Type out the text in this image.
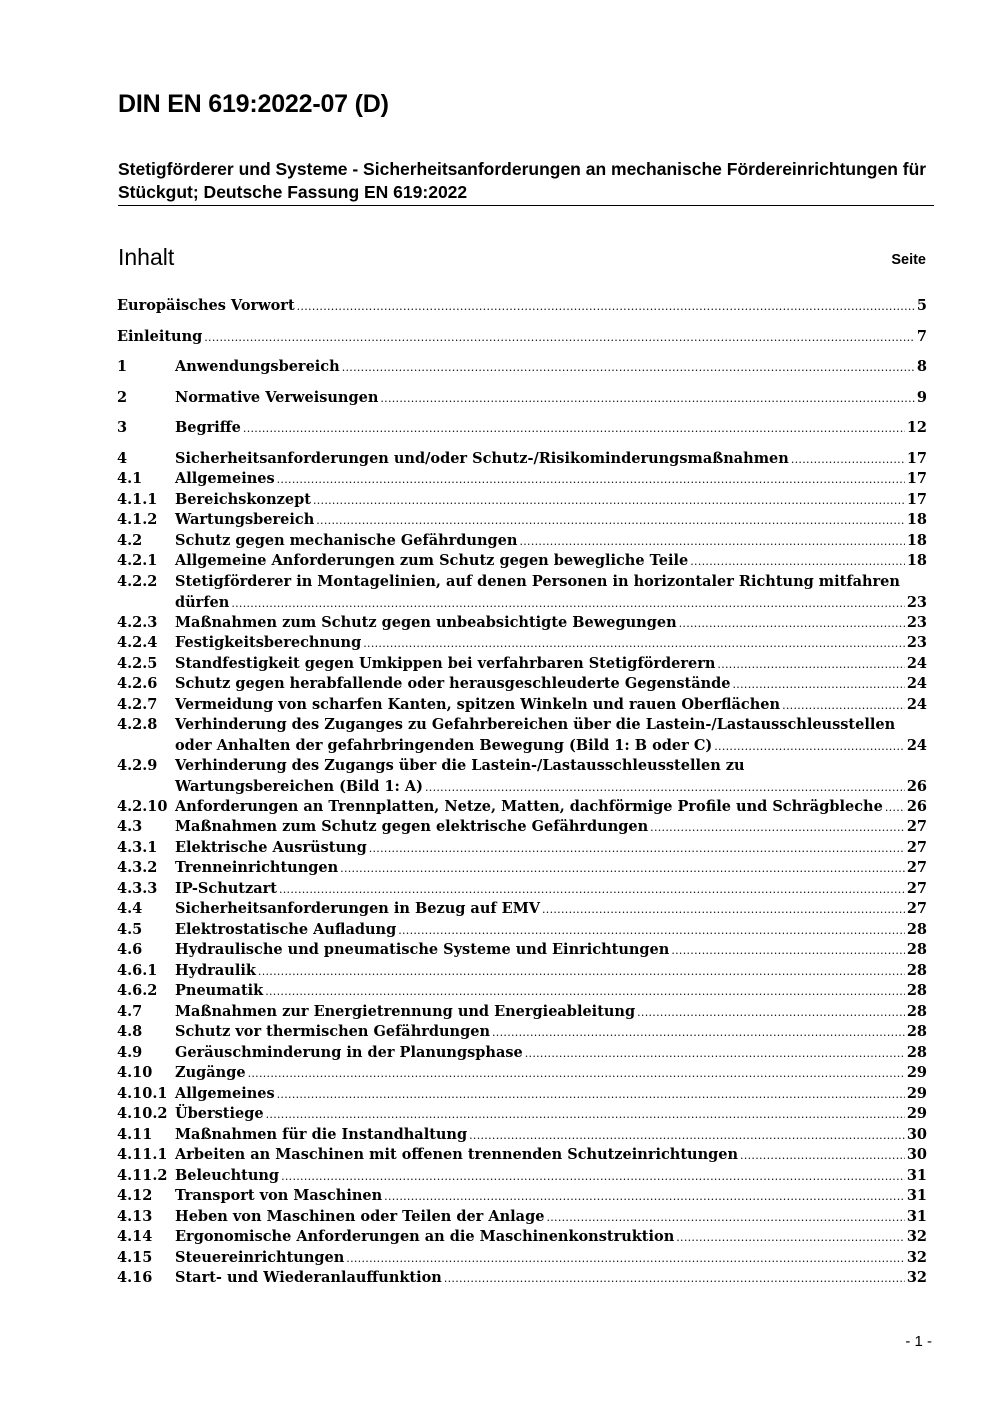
DIN EN 619:2022-07 (D)
Stetigförderer und Systeme - Sicherheitsanforderungen an mechanische Fördereinrichtungen für Stückgut; Deutsche Fassung EN 619:2022
Inhalt	Seite
Europäisches Vorwort .....	5
Einleitung .....	7
1	Anwendungsbereich .....	8
2	Normative Verweisungen .....	9
3	Begriffe .....	12
4	Sicherheitsanforderungen und/oder Schutz-/Risikominderungsmaßnahmen .....	17
4.1 Allgemeines .....	17
4.1.1 Bereichskonzept .....	17
4.1.2 Wartungsbereich .....	18
4.2 Schutz gegen mechanische Gefährdungen .....	18
4.2.1 Allgemeine Anforderungen zum Schutz gegen bewegliche Teile .....	18
4.2.2 Stetigförderer in Montagelinien, auf denen Personen in horizontaler Richtung mitfahren
dürfen .....	23
4.2.3 Maßnahmen zum Schutz gegen unbeabsichtigte Bewegungen .....	23
4.2.4 Festigkeitsberechnung .....	23
4.2.5 Standfestigkeit gegen Umkippen bei verfahrbaren Stetigförderern .....	24
4.2.6 Schutz gegen herabfallende oder herausgeschleuderte Gegenstände .....	24
4.2.7 Vermeidung von scharfen Kanten, spitzen Winkeln und rauen Oberflächen .....	24
4.2.8 Verhinderung des Zuganges zu Gefahrbereichen über die Lastein-/Lastausschleusstellen
oder Anhalten der gefahrbringenden Bewegung (Bild 1: B oder C) .....	24
4.2.9 Verhinderung des Zugangs über die Lastein-/Lastausschleusstellen zu
Wartungsbereichen (Bild 1: A) .....	26
4.2.10 Anforderungen an Trennplatten, Netze, Matten, dachförmige Profile und Schrägbleche ..... 26
4.3 Maßnahmen zum Schutz gegen elektrische Gefährdungen .....	27
4.3.1 Elektrische Ausrüstung .....	27
4.3.2 Trenneinrichtungen .....	27
4.3.3 IP-Schutzart .....	27
4.4 Sicherheitsanforderungen in Bezug auf EMV .....	27
4.5 Elektrostatische Aufladung .....	28
4.6 Hydraulische und pneumatische Systeme und Einrichtungen .....	28
4.6.1 Hydraulik .....	28
4.6.2 Pneumatik .....	28
4.7 Maßnahmen zur Energietrennung und Energieableitung .....	28
4.8 Schutz vor thermischen Gefährdungen .....	28
4.9 Geräuschminderung in der Planungsphase .....	28
4.10 Zugänge .....	29
4.10.1 Allgemeines .....	29
4.10.2 Überstiege .....	29
4.11 Maßnahmen für die Instandhaltung .....	30
4.11.1 Arbeiten an Maschinen mit offenen trennenden Schutzeinrichtungen .....	30
4.11.2 Beleuchtung .....	31
4.12 Transport von Maschinen .....	31
4.13 Heben von Maschinen oder Teilen der Anlage .....	31
4.14 Ergonomische Anforderungen an die Maschinenkonstruktion .....	32
4.15 Steuereinrichtungen .....	32
4.16 Start- und Wiederanlauffunktion .....	32
- 1 -
